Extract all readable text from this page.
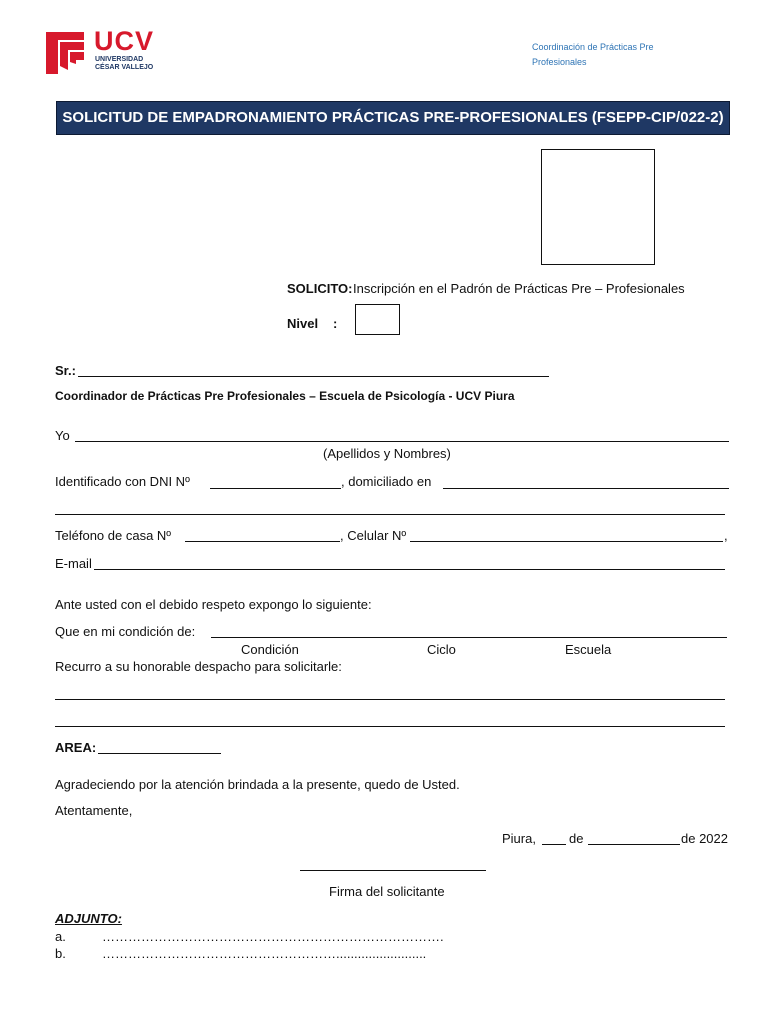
UCV
UNIVERSIDAD
CÉSAR VALLEJO
Coordinación de Prácticas Pre Profesionales
SOLICITUD DE EMPADRONAMIENTO PRÁCTICAS PRE-PROFESIONALES (FSEPP-CIP/022-2)
SOLICITO: Inscripción en el Padrón de Prácticas Pre – Profesionales
Nivel :
Sr.:
Coordinador de Prácticas Pre Profesionales – Escuela de Psicología - UCV Piura
Yo
(Apellidos y Nombres)
Identificado con DNI Nº	, domiciliado en
Teléfono de casa Nº	, Celular Nº	,
E-mail
Ante usted con el debido respeto expongo lo siguiente:
Que en mi condición de:
Condición	Ciclo	Escuela
Recurro a su honorable despacho para solicitarle:
AREA:
Agradeciendo por la atención brindada a la presente, quedo de Usted.
Atentamente,
Piura,	de	de 2022
Firma del solicitante
ADJUNTO:
a.	…………………………………………………………………….
b.	……………………………………………….........................
